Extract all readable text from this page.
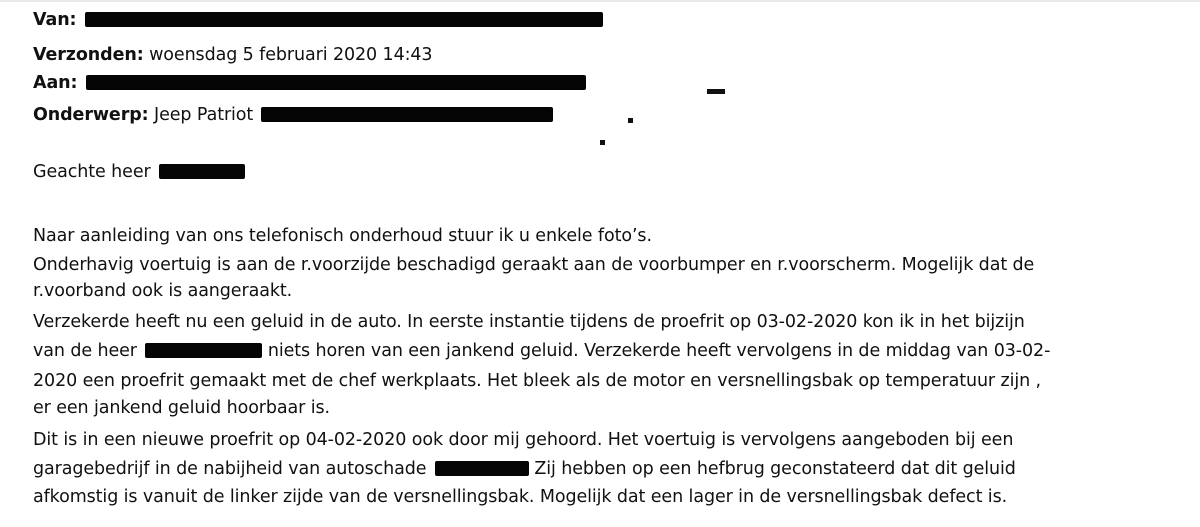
Van:
Verzonden: woensdag 5 februari 2020 14:43
Aan:
Onderwerp: Jeep Patriot
Geachte heer
Naar aanleiding van ons telefonisch onderhoud stuur ik u enkele foto’s.
Onderhavig voertuig is aan de r.voorzijde beschadigd geraakt aan de voorbumper en r.voorscherm. Mogelijk dat de
r.voorband ook is aangeraakt.
Verzekerde heeft nu een geluid in de auto. In eerste instantie tijdens de proefrit op 03-02-2020 kon ik in het bijzijn
van de heer	niets horen van een jankend geluid. Verzekerde heeft vervolgens in de middag van 03-02-
2020 een proefrit gemaakt met de chef werkplaats. Het bleek als de motor en versnellingsbak op temperatuur zijn ,
er een jankend geluid hoorbaar is.
Dit is in een nieuwe proefrit op 04-02-2020 ook door mij gehoord. Het voertuig is vervolgens aangeboden bij een
garagebedrijf in de nabijheid van autoschade	Zij hebben op een hefbrug geconstateerd dat dit geluid
afkomstig is vanuit de linker zijde van de versnellingsbak. Mogelijk dat een lager in de versnellingsbak defect is.
